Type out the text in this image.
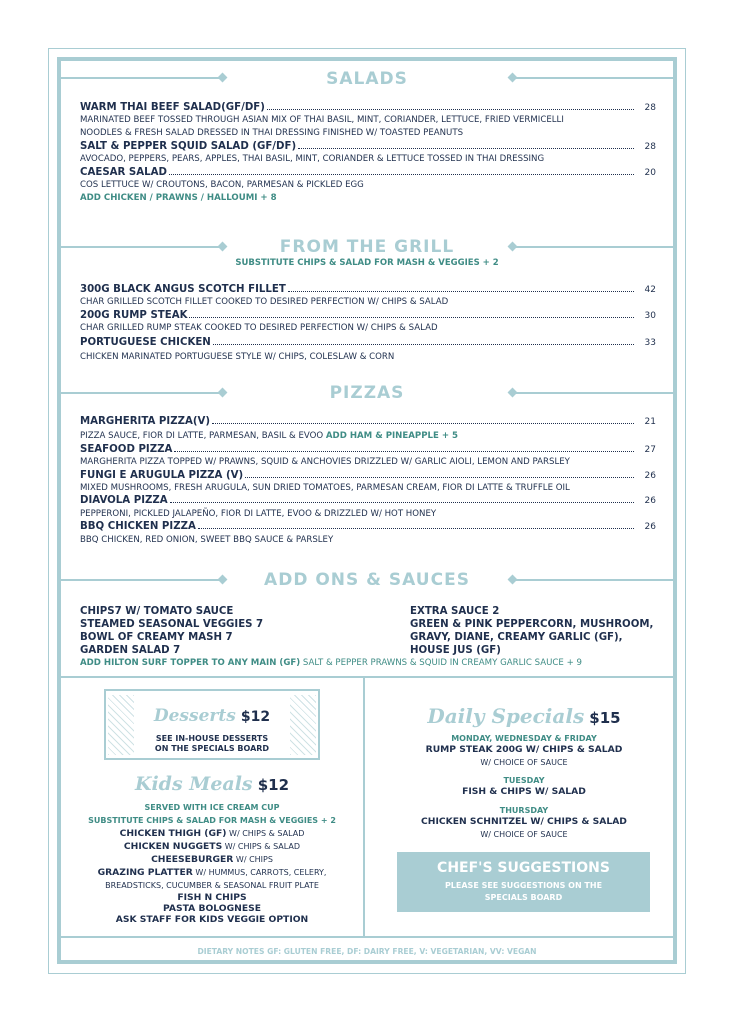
SALADS
WARM THAI BEEF SALAD(GF/DF)	28
MARINATED BEEF TOSSED THROUGH ASIAN MIX OF THAI BASIL, MINT, CORIANDER, LETTUCE, FRIED VERMICELLI
NOODLES & FRESH SALAD DRESSED IN THAI DRESSING FINISHED W/ TOASTED PEANUTS
SALT & PEPPER SQUID SALAD (GF/DF)	28
AVOCADO, PEPPERS, PEARS, APPLES, THAI BASIL, MINT, CORIANDER & LETTUCE TOSSED IN THAI DRESSING
CAESAR SALAD	20
COS LETTUCE W/ CROUTONS, BACON, PARMESAN & PICKLED EGG
ADD CHICKEN / PRAWNS / HALLOUMI + 8
FROM THE GRILL
SUBSTITUTE CHIPS & SALAD FOR MASH & VEGGIES + 2
300G BLACK ANGUS SCOTCH FILLET	42
CHAR GRILLED SCOTCH FILLET COOKED TO DESIRED PERFECTION W/ CHIPS & SALAD
200G RUMP STEAK	30
CHAR GRILLED RUMP STEAK COOKED TO DESIRED PERFECTION W/ CHIPS & SALAD
PORTUGUESE CHICKEN	33
CHICKEN MARINATED PORTUGUESE STYLE W/ CHIPS, COLESLAW & CORN
PIZZAS
MARGHERITA PIZZA(V)	21
PIZZA SAUCE, FIOR DI LATTE, PARMESAN, BASIL & EVOO ADD HAM & PINEAPPLE + 5
SEAFOOD PIZZA	27
MARGHERITA PIZZA TOPPED W/ PRAWNS, SQUID & ANCHOVIES DRIZZLED W/ GARLIC AIOLI, LEMON AND PARSLEY
FUNGI E ARUGULA PIZZA (V)	26
MIXED MUSHROOMS, FRESH ARUGULA, SUN DRIED TOMATOES, PARMESAN CREAM, FIOR DI LATTE & TRUFFLE OIL
DIAVOLA PIZZA	26
PEPPERONI, PICKLED JALAPEÑO, FIOR DI LATTE, EVOO & DRIZZLED W/ HOT HONEY
BBQ CHICKEN PIZZA	26
BBQ CHICKEN, RED ONION, SWEET BBQ SAUCE & PARSLEY
ADD ONS & SAUCES
CHIPS7 W/ TOMATO SAUCE
STEAMED SEASONAL VEGGIES 7
BOWL OF CREAMY MASH 7
GARDEN SALAD 7
EXTRA SAUCE 2
GREEN & PINK PEPPERCORN, MUSHROOM,
GRAVY, DIANE, CREAMY GARLIC (GF),
HOUSE JUS (GF)
ADD HILTON SURF TOPPER TO ANY MAIN (GF) SALT & PEPPER PRAWNS & SQUID IN CREAMY GARLIC SAUCE + 9
Desserts $12
SEE IN-HOUSE DESSERTS
ON THE SPECIALS BOARD
Kids Meals $12
SERVED WITH ICE CREAM CUP
SUBSTITUTE CHIPS & SALAD FOR MASH & VEGGIES + 2
CHICKEN THIGH (GF) W/ CHIPS & SALAD
CHICKEN NUGGETS W/ CHIPS & SALAD
CHEESEBURGER W/ CHIPS
GRAZING PLATTER W/ HUMMUS, CARROTS, CELERY,
BREADSTICKS, CUCUMBER & SEASONAL FRUIT PLATE
FISH N CHIPS
PASTA BOLOGNESE
ASK STAFF FOR KIDS VEGGIE OPTION
Daily Specials $15
MONDAY, WEDNESDAY & FRIDAY
RUMP STEAK 200G W/ CHIPS & SALAD
W/ CHOICE OF SAUCE
TUESDAY
FISH & CHIPS W/ SALAD
THURSDAY
CHICKEN SCHNITZEL W/ CHIPS & SALAD
W/ CHOICE OF SAUCE
CHEF'S SUGGESTIONS
PLEASE SEE SUGGESTIONS ON THE
SPECIALS BOARD
DIETARY NOTES GF: GLUTEN FREE, DF: DAIRY FREE, V: VEGETARIAN, VV: VEGAN
